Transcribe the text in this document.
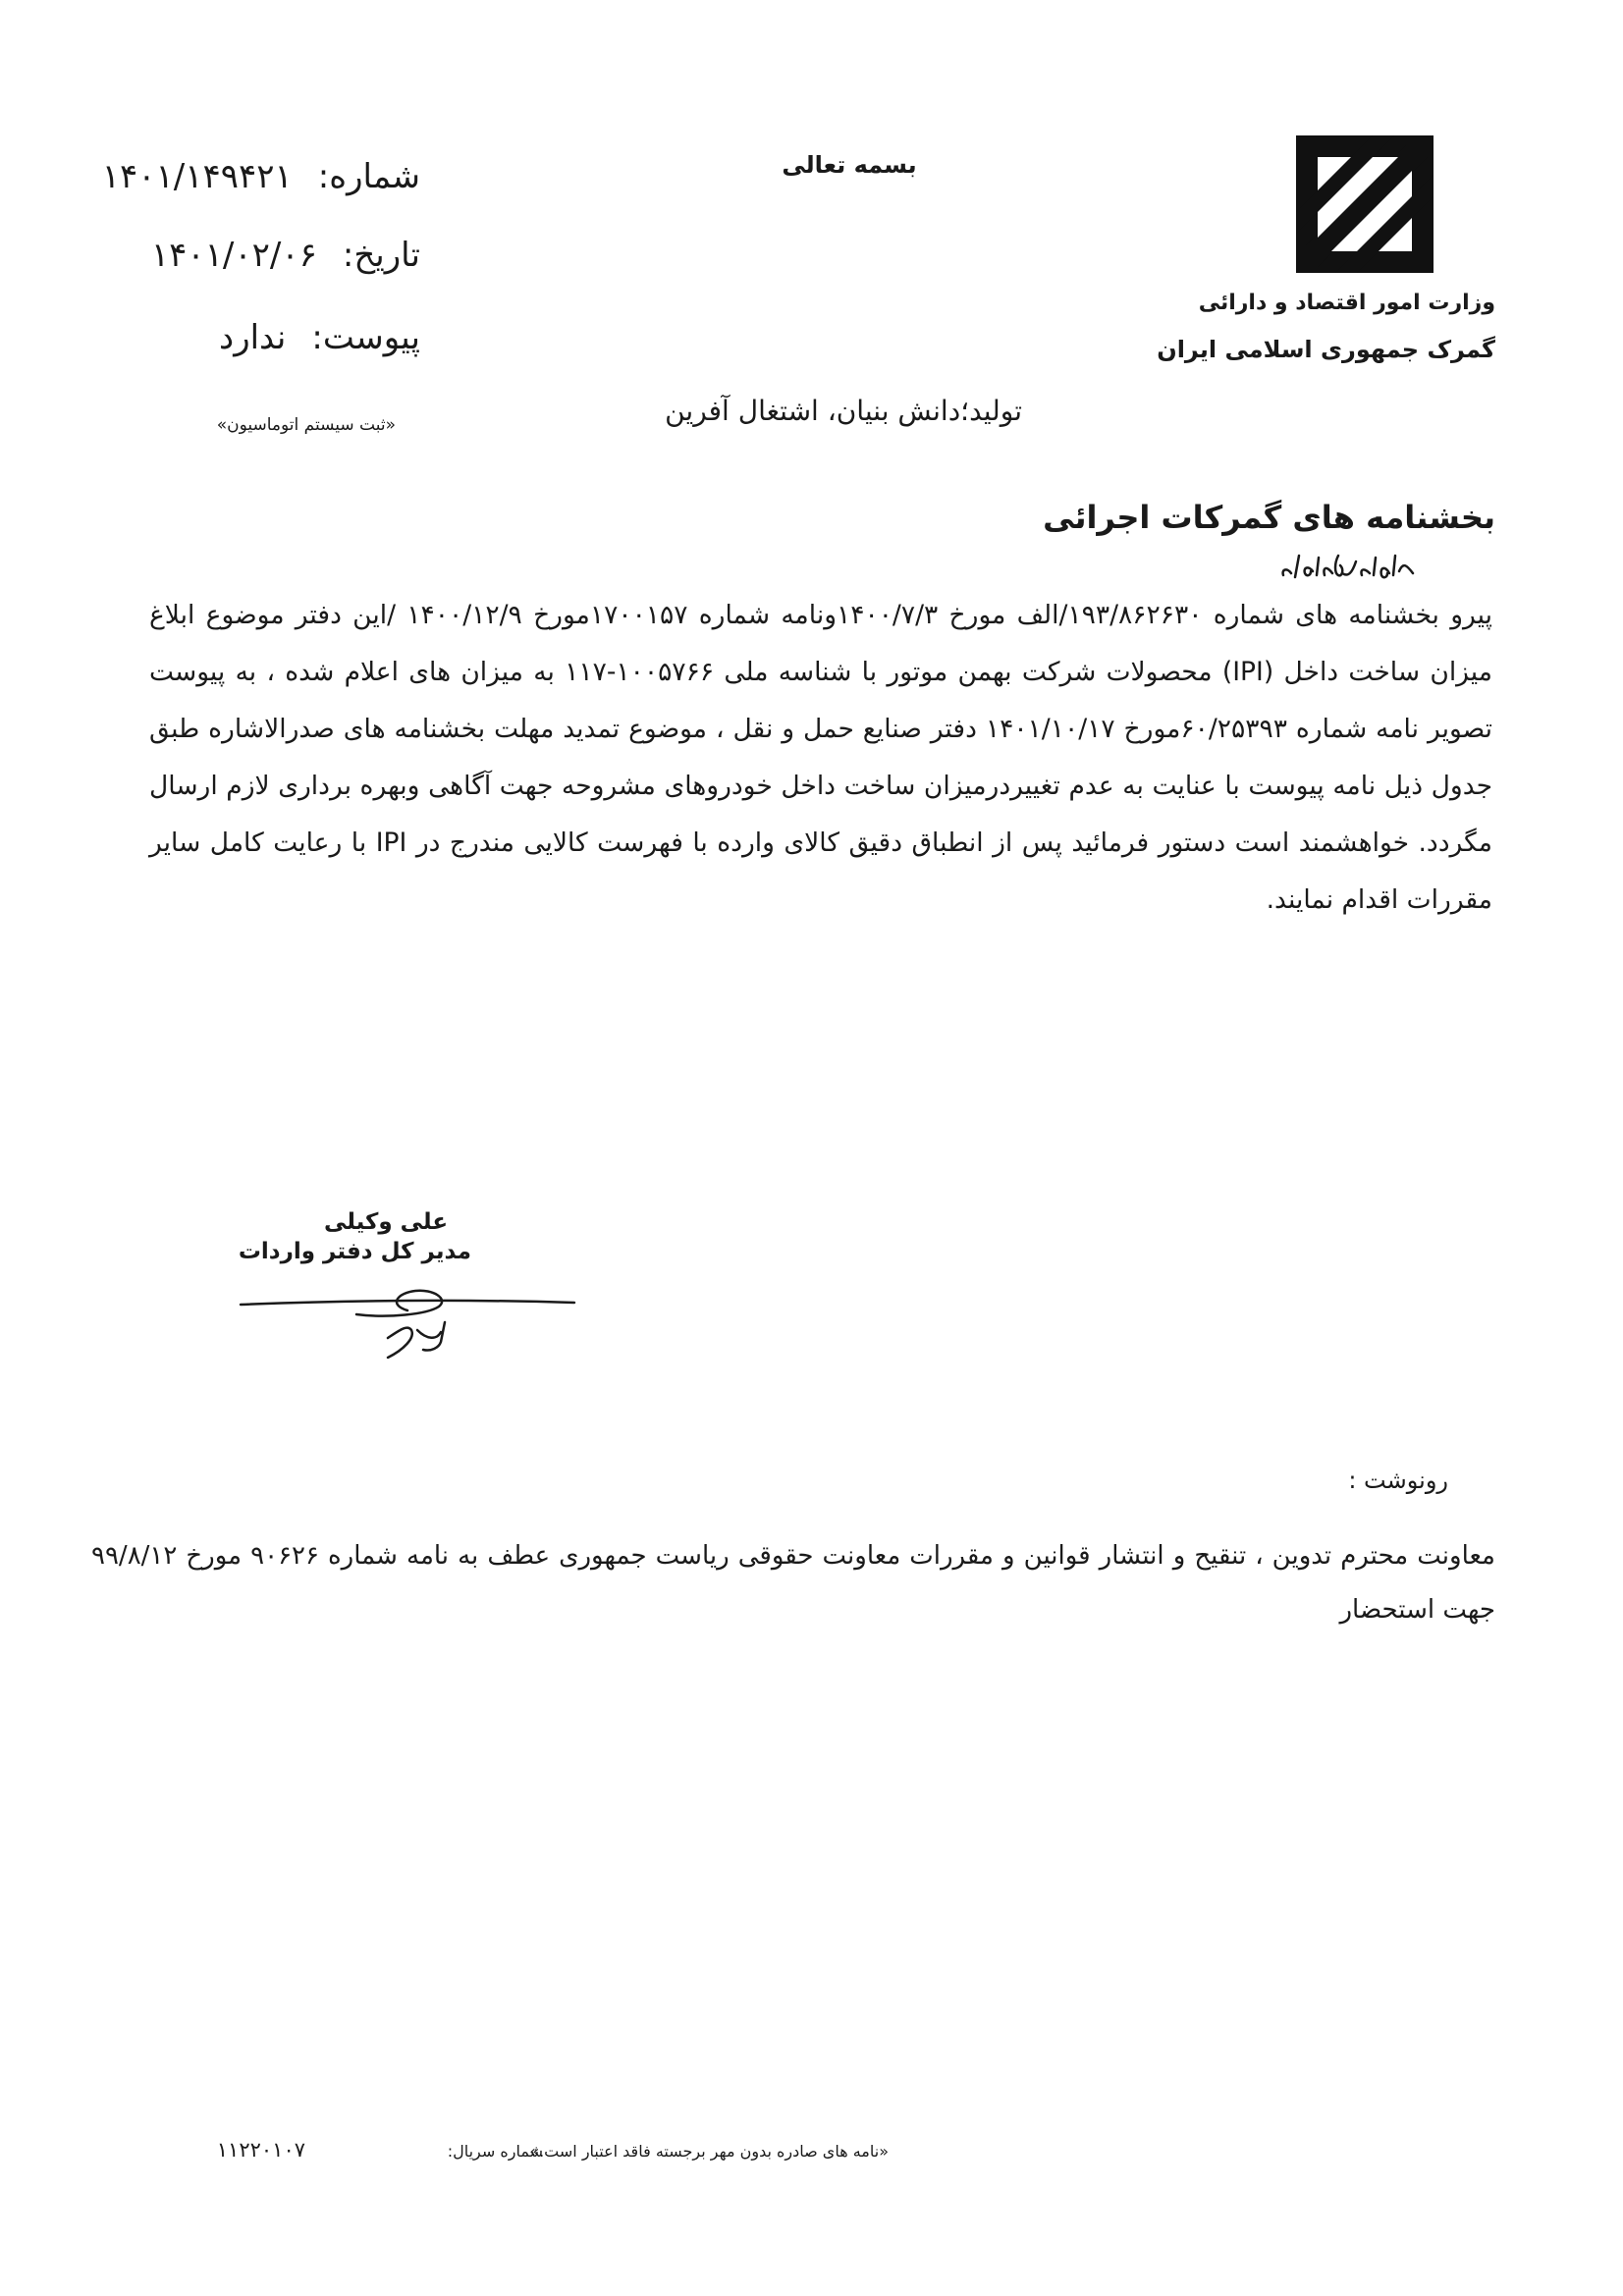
وزارت امور اقتصاد و دارائی
گمرک جمهوری اسلامی ایران
بسمه تعالی
شماره:۱۴۰۱/۱۴۹۴۲۱
تاریخ:۱۴۰۱/۰۲/۰۶
پیوست:ندارد
«ثبت سیستم اتوماسیون»	تولید؛دانش بنیان، اشتغال آفرین
بخشنامه های گمرکات اجرائی
پیرو بخشنامه های شماره ۱۹۳/۸۶۲۶۳۰/الف مورخ ۱۴۰۰/۷/۳ونامه شماره ۱۷۰۰۱۵۷مورخ ۱۴۰۰/۱۲/۹ /این دفتر موضوع ابلاغ میزان ساخت داخل (IPI) محصولات شرکت بهمن موتور با شناسه ملی ۱۰۰۵۷۶۶-۱۱۷ به میزان های اعلام شده ، به پیوست تصویر نامه شماره ۶۰/۲۵۳۹۳مورخ ۱۴۰۱/۱۰/۱۷ دفتر صنایع حمل و نقل ، موضوع تمدید مهلت بخشنامه های صدرالاشاره طبق جدول ذیل نامه پیوست با عنایت به عدم تغییردرمیزان ساخت داخل خودروهای مشروحه جهت آگاهی وبهره برداری لازم ارسال مگردد. خواهشمند است دستور فرمائید پس از انطباق دقیق کالای وارده با فهرست کالایی مندرج در IPI با رعایت کامل سایر مقررات اقدام نمایند.
علی وکیلی
مدیر کل دفتر واردات
رونوشت :
معاونت محترم تدوین ، تنقیح و انتشار قوانین و مقررات معاونت حقوقی ریاست جمهوری عطف به نامه شماره ۹۰۶۲۶ مورخ ۹۹/۸/۱۲ جهت استحضار
«نامه های صادره بدون مهر برجسته فاقد اعتبار است.»
شماره سریال:
۱۱۲۲۰۱۰۷
